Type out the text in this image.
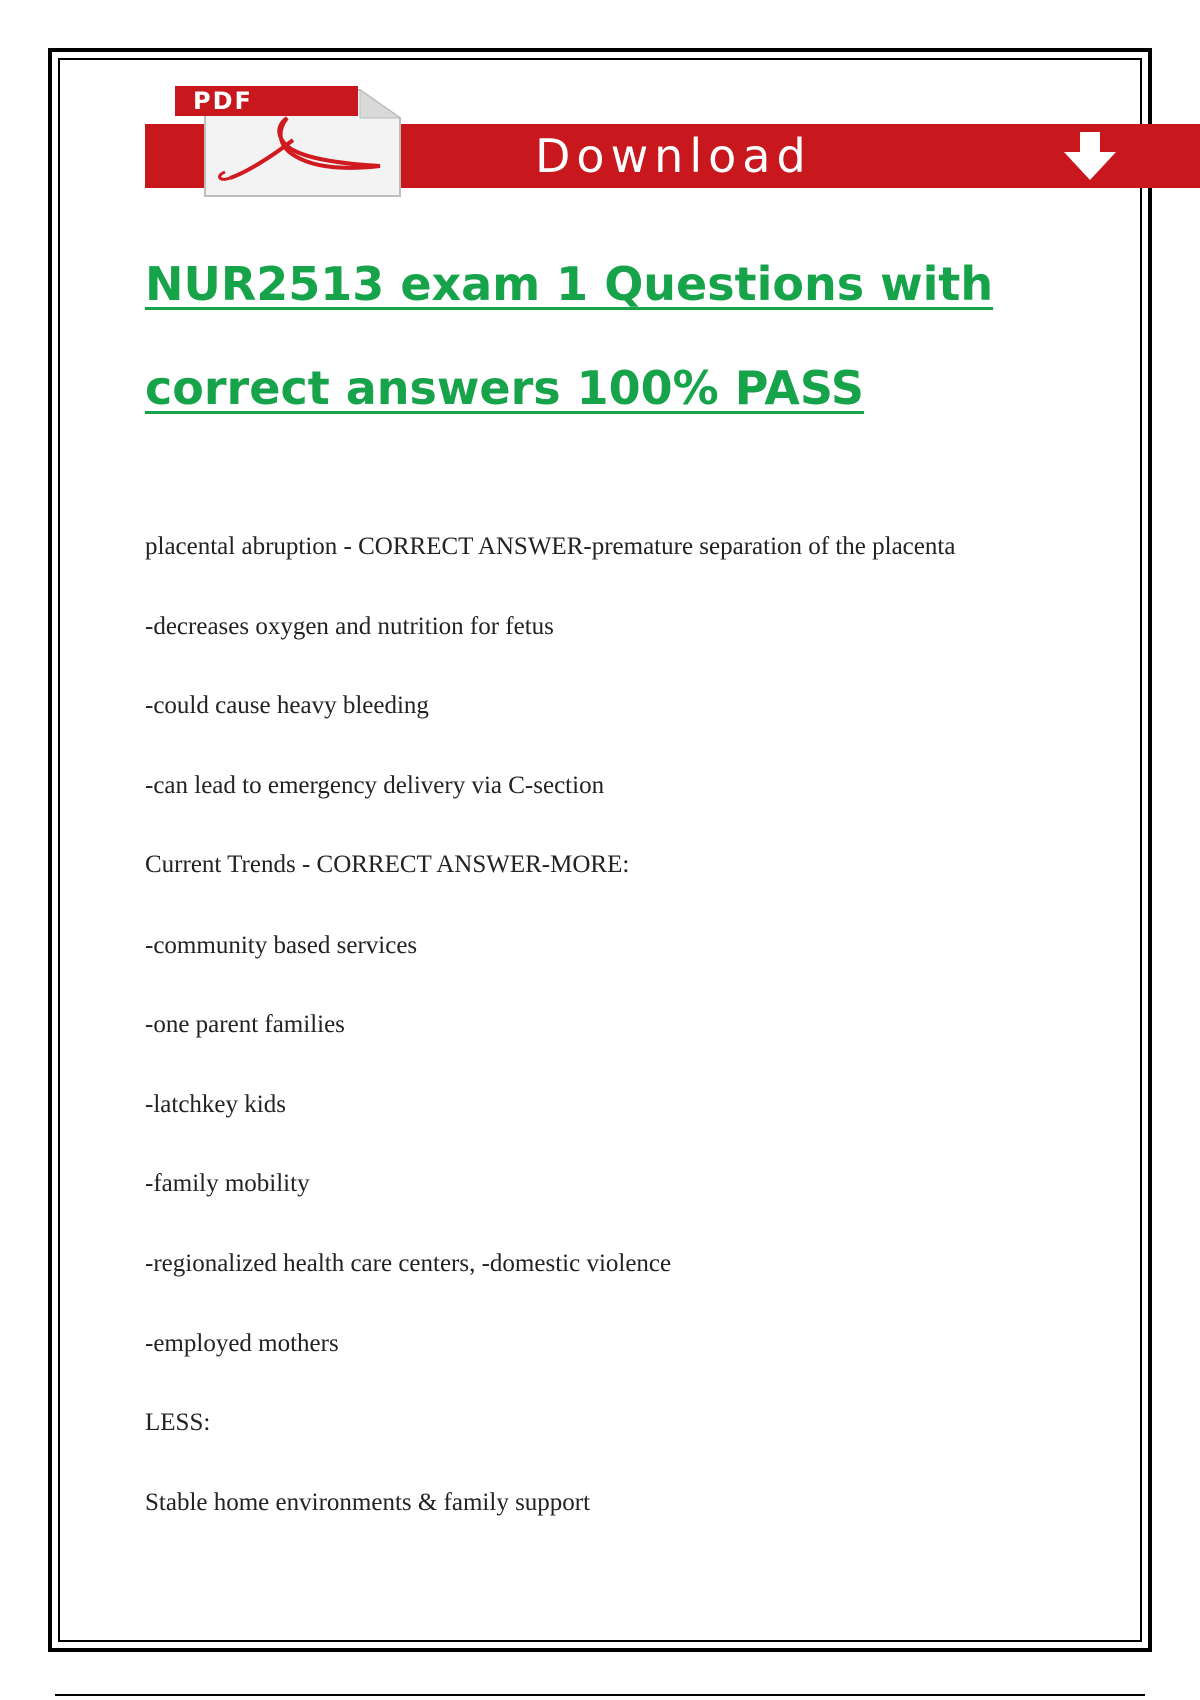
PDF
Download
NUR2513 exam 1 Questions with
correct answers 100% PASS
placental abruption - CORRECT ANSWER-premature separation of the placenta
-decreases oxygen and nutrition for fetus
-could cause heavy bleeding
-can lead to emergency delivery via C-section
Current Trends - CORRECT ANSWER-MORE:
-community based services
-one parent families
-latchkey kids
-family mobility
-regionalized health care centers, -domestic violence
-employed mothers
LESS:
Stable home environments & family support
